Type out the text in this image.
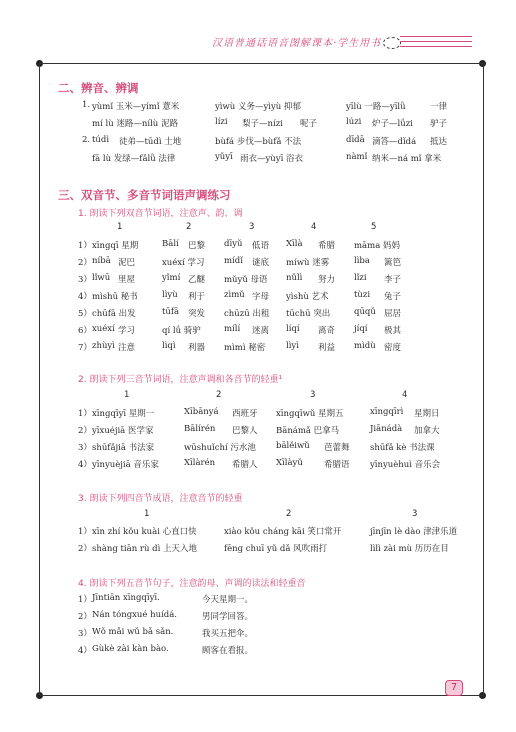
汉语普通话语音图解课本·学生用书
二、辨音、辨调
1. yùmǐ 玉米—yímǐ 薏米	yìwù 义务—yìyù 抑郁	yīlù 一路—yīlǜ	一律
mí lù 迷路—nílù 泥路	lízi 梨子—nízi 呢子	lúzi 炉子—lǘzi 驴子
2. túdì 徒弟—tūdì 土地	bùfá 步伐—bùfǎ 不法	dīdā 滴答—dǐdá 抵达
fā lù 发绿—fǎlǜ 法律	yǔyī 雨衣—yùyī 浴衣	nàmǐ 纳米—ná mǐ 拿米
三、双音节、多音节词语声调练习
1. 朗读下列双音节词语，注意声、韵、调
1	2	3	4	5
1） xīngqī 星期	Bālí 巴黎 dīyǔ 低语 Xīlà 希腊 māma 妈妈
2） níbā 泥巴	xuéxí 学习 mídǐ 谜底 míwù 迷雾	lìba 篱笆
3） lǐwū 里屋	yǐmí 乙醚 mǔyǔ 母语 nǔlì 努力 lǐzi 李子
4） mìshū 秘书	lìyù 利于 zìmǔ 字母 yìshù 艺术	tùzi 兔子
5） chūfā 出发	tūfā 突发 chūzū 出租 tūchū 突出	qūqǔ 屈居
6） xuéxí 学习	qí lǘ 骑驴	mílí 迷离 líqí 离奇 jíqí 极其
7） zhùyì 注意	lìqì 利器 mìmì 秘密 lìyì 利益 mìdù 密度
2. 朗读下列三音节词语，注意声调和各音节的轻重¹
1	2	3	4
1） xīngqīyī 星期一	Xībānyá 西班牙 xīngqīwǔ 星期五	xīngqīrì 星期日
2） yīxuéjiā 医学家	Bālírén 巴黎人 Bānámǎ 巴拿马	Jiānádà 加拿大
3） shūfǎjiā 书法家	wūshuǐchí 污水池 bālěiwǔ 芭蕾舞 shūfǎ kè 书法课
4） yīnyuèjiā 音乐家	Xīlàrén 希腊人 Xīlàyǔ 希腊语 yīnyuèhuì 音乐会
3. 朗读下列四音节成语，注意音节的轻重
1	2	3
1） xīn zhí kǒu kuài 心直口快	xiào kǒu cháng kāi 笑口常开	jīnjīn lè dào 津津乐道
2） shàng tiān rù dì 上天入地	fēng chuī yǔ dǎ 风吹雨打	lìlì zài mù 历历在目
4. 朗读下列五音节句子，注意韵母、声调的读法和轻重音
1） Jīntiān xīngqīyī.	今天星期一。
2） Nán tóngxué huídá.	男同学回答。
3） Wǒ mǎi wǔ bǎ sǎn.	我买五把伞。
4） Gùkè zài kàn bào.	顾客在看报。
7
